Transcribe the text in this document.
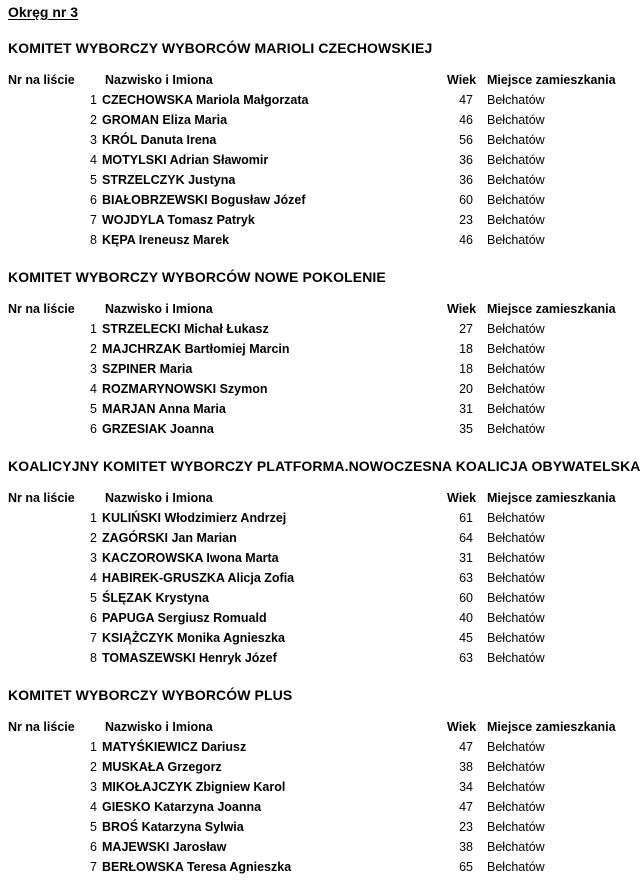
Okręg nr 3
KOMITET WYBORCZY WYBORCÓW MARIOLI CZECHOWSKIEJ
Nr na liście	Nazwisko i Imiona	Wiek Miejsce zamieszkania
1 CZECHOWSKA Mariola Małgorzata	47	Bełchatów
2 GROMAN Eliza Maria	46	Bełchatów
3 KRÓL Danuta Irena	56	Bełchatów
4 MOTYLSKI Adrian Sławomir	36	Bełchatów
5 STRZELCZYK Justyna	36	Bełchatów
6 BIAŁOBRZEWSKI Bogusław Józef	60	Bełchatów
7 WOJDYLA Tomasz Patryk	23	Bełchatów
8 KĘPA Ireneusz Marek	46	Bełchatów
KOMITET WYBORCZY WYBORCÓW NOWE POKOLENIE
Nr na liście	Nazwisko i Imiona	Wiek Miejsce zamieszkania
1 STRZELECKI Michał Łukasz	27	Bełchatów
2 MAJCHRZAK Bartłomiej Marcin	18	Bełchatów
3 SZPINER Maria	18	Bełchatów
4 ROZMARYNOWSKI Szymon	20	Bełchatów
5 MARJAN Anna Maria	31	Bełchatów
6 GRZESIAK Joanna	35	Bełchatów
KOALICYJNY KOMITET WYBORCZY PLATFORMA.NOWOCZESNA KOALICJA OBYWATELSKA
Nr na liście	Nazwisko i Imiona	Wiek Miejsce zamieszkania
1 KULIŃSKI Włodzimierz Andrzej	61	Bełchatów
2 ZAGÓRSKI Jan Marian	64	Bełchatów
3 KACZOROWSKA Iwona Marta	31	Bełchatów
4 HABIREK-GRUSZKA Alicja Zofia	63	Bełchatów
5 ŚLĘZAK Krystyna	60	Bełchatów
6 PAPUGA Sergiusz Romuald	40	Bełchatów
7 KSIĄŻCZYK Monika Agnieszka	45	Bełchatów
8 TOMASZEWSKI Henryk Józef	63	Bełchatów
KOMITET WYBORCZY WYBORCÓW PLUS
Nr na liście	Nazwisko i Imiona	Wiek Miejsce zamieszkania
1 MATYŚKIEWICZ Dariusz	47	Bełchatów
2 MUSKAŁA Grzegorz	38	Bełchatów
3 MIKOŁAJCZYK Zbigniew Karol	34	Bełchatów
4 GIESKO Katarzyna Joanna	47	Bełchatów
5 BROŚ Katarzyna Sylwia	23	Bełchatów
6 MAJEWSKI Jarosław	38	Bełchatów
7 BERŁOWSKA Teresa Agnieszka	65	Bełchatów
